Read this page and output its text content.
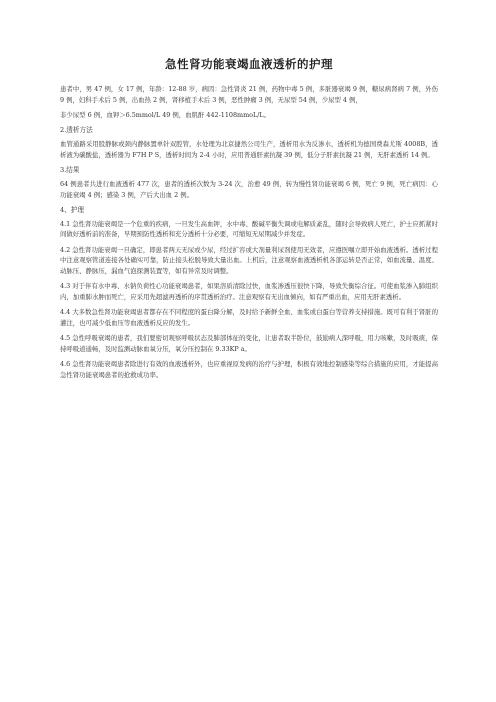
急性肾功能衰竭血液透析的护理

患者中，男 47 例，女 17 例，年龄：12-88 岁，病因：急性肾炎 21 例，药物中毒 5 例，多脏器衰竭 9 例，糖尿病肾病 7 例，外伤 9 例，妇科手术后 5 例，出血热 2 例，肾移植手术后 3 例，恶性肿瘤 3 例，无尿型 54 例，少尿型 4 例，

非少尿型 6 例，血钾＞6.5mmol/L 49 例，血肌酐 442-1108mmoL/L。

2.透析方法

血管通路采用股静脉或颈内静脉置单针双腔管，水处理为北京捷然公司生产，透析用水为反渗水，透析机为德国费森尤斯 4008B，透析液为碳酸盐，透析器为 F7H P S，透析时间为 2-4 小时，应用普通肝素抗凝 39 例，低分子肝素抗凝 21 例，无肝素透析 14 例。

3.结果

64 例患者共进行血液透析 477 次，患者的透析次数为 3-24 次，治愈 49 例，转为慢性肾功能衰竭 6 例，死亡 9 例，死亡病因：心功能衰竭 4 例；感染 3 例，产后大出血 2 例。

4、护理

4.1 急性肾功能衰竭是一个危重的疾病，一旦发生高血钾，水中毒、酸碱平衡失调或电解质紊乱，随时会导致病人死亡，护士应抓紧时间做好透析前的准备，早期预防性透析和充分透析十分必要，可缩短无尿期减少并发症。

4.2 急性肾功能衰竭一旦确定，即患者两天无尿或少尿，经过扩容或大剂量利尿剂使用无效者，应遵医嘱立即开始血液透析。透析过程中注意观察管道连接各处确实可靠，防止接头松脱导致大量出血。上机后，注意观察血液透析机各部运转是否正常，如血流量、温度、动脉压、静脉压，漏血气泡探测装置等，如有异常及时调整。

4.3 对于伴有水中毒、水钠负荷性心功能衰竭患者，如果溶质清除过快，血浆渗透压很快下降，导致失衡综合征。可使血浆渗入肺组织内，加重肺水肿而死亡，应采用先超滤再透析的序贯透析治疗。注意观察有无出血倾向，如有严重出血，应用无肝素透析。

4.4 大多数急性肾功能衰竭患者都存在不同程度的蛋白降分解，及时给予新鲜全血、血浆或白蛋白等营养支持措施。既可有利于肾脏的灌注，也可减少低血压等血液透析反应的发生。

4.5 急性呼吸衰竭的患者，我们要密切观察呼吸状态及肺部体征的变化，让患者取半卧位，鼓励病人深呼吸，用力咳嗽，及时吸痰，保持呼吸道通畅，及时监测动脉血氧分压，氧分压控制在 9.33KP a。

4.6 急性肾功能衰竭患者除进行有效的血液透析外，也应重视原发病的治疗与护理，积极有效地控制感染等综合措施的应用，才能提高急性肾功能衰竭患者的抢救成功率。
